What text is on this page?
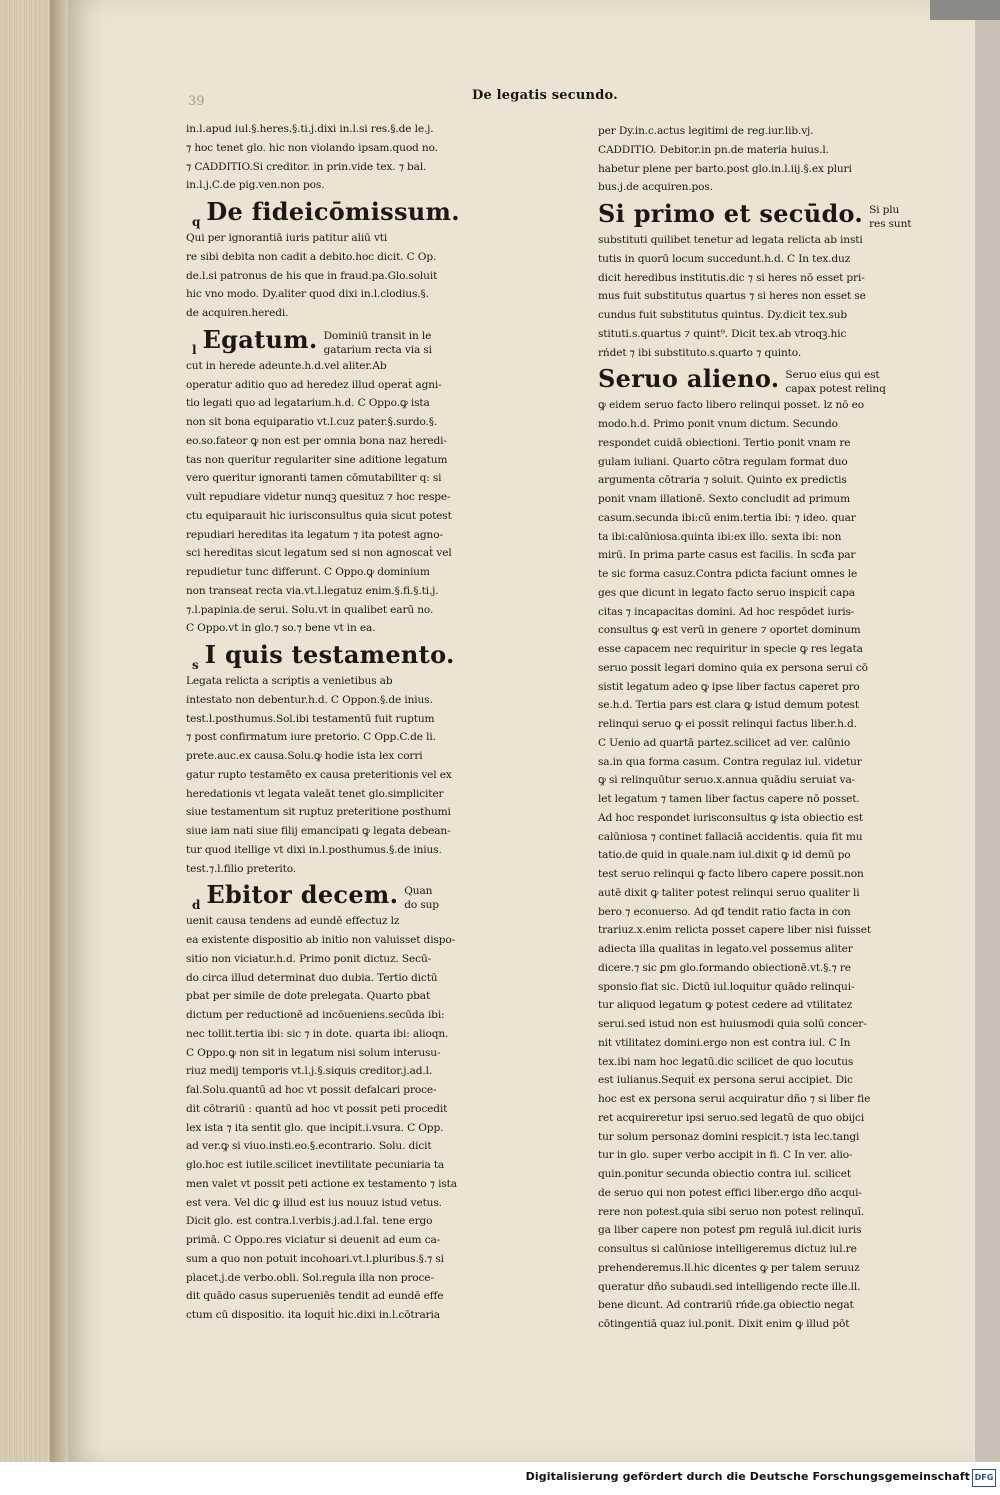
39	De legatis secundo.
in.l.apud iul.§.heres.§.ti.j.dixi in.l.si res.§.de le.j.
⁊ hoc tenet glo. hic non violando ipsam.quod no.
⁊ CADDITIO.Si creditor. in prin.vide tex. ⁊ bal.
in.l.j.C.de pig.ven.non pos.
q De fideicōmissum.
Qui per ignorantiā iuris patitur aliū vti
re sibi debita non cadit a debito.hoc dicit. C Op.
de.l.si patronus de his que in fraud.pa.Glo.soluit
hic vno modo. Dy.aliter quod dixi in.l.clodius.§.
de acquiren.heredi.
l Egatum. Dominiū transit in le
gatarium recta via si
cut in herede adeunte.h.d.vel aliter.Ab
operatur aditio quo ad heredez illud operaṫ agni-
tio legati quo ad legatarium.h.d. C Oppo.ꝙ ista
non sit bona equiparatio vt.l.cuz pater.§.surdo.§.
eo.so.fateor ꝙ non est per omnia bona naz heredi-
tas non queritur regulariter sine aditione legatum
vero queritur ignoranti tamen cōmutabiliter q: si
vult repudiare videtur nunqꝫ quesituz ⁊ hoc respe-
ctu equiparauit hic iurisconsultus quia sicut potest
repudiari hereditas ita legatum ⁊ ita potest agno-
sci hereditas sicut legatum sed si non agnoscaṫ vel
repudietur tunc differunt. C Oppo.ꝙ dominium
non transeat recta via.vt.l.legatuz enim.§.fi.§.ti.j.
⁊.l.papinia.de serui. Solu.vt in qualibet earū no.
C Oppo.vt in glo.⁊ so.⁊ bene vt in ea.
s I quis testamento.
Legata relicta a scriptis a venietibus ab
intestato non debentur.h.d. C Oppon.§.de inius.
test.l.posthumus.Sol.ibi testamentū fuit ruptum
⁊ post confirmatum iure pretorio. C Opp.C.de li.
prete.auc.ex causa.Solu.ꝙ hodie ista lex corri
gatur rupto testamēto ex causa preteritionis vel ex
heredationis vt legata valeāt tenet glo.simpliciter
siue testamentum sit ruptuz preteritione posthumi
siue iam nati siue filij emancipati ꝙ legata debean-
tur quod itellige vt dixi in.l.posthumus.§.de inius.
test.⁊.l.filio preterito.
d Ebitor decem. Quan
do sup
uenit causa tendens ad eundē effectuz lz
ea existente dispositio ab initio non valuisset dispo-
sitio non viciatur.h.d. Primo ponit dictuz. Secū-
do circa illud determinat duo dubia. Tertio dictū
pbat per simile de dote prelegata. Quarto pbat
dictum per reductionē ad incōueniens.secūda ibi:
nec tollit.tertia ibi: sic ⁊ in dote. quarta ibi: alioqn.
C Oppo.ꝙ non sit in legatum nisi solum interusu-
riuz medij temporis vt.l.j.§.siquis creditor.j.ad.l.
fal.Solu.quantū ad hoc vt possit defalcari proce-
dit cōtrariū : quantū ad hoc vt possit peti procedit
lex ista ⁊ ita sentit glo. que incipit.i.vsura. C Opp.
ad ver.ꝙ si viuo.insti.eo.§.econtrario. Solu. dicit
glo.hoc est iutile.scilicet inevtilitate pecuniaria ta
men valet vt possit peti actione ex testamento ⁊ ista
est vera. Vel dic ꝙ illud est ius nouuz istud vetus.
Dicit glo. est contra.l.verbis.j.ad.l.fal. tene ergo
primā. C Oppo.res viciatur si deuenit ad eum ca-
sum a quo non potuit incohoari.vt.l.pluribus.§.⁊ si
placet.j.de verbo.obli. Sol.regula illa non proce-
dit quādo casus superueniēs tendit ad eundē effe
ctum cū dispositio. ita loquiṫ hic.dixi in.l.cōtraria
per Dy.in.c.actus legitimi de reg.iur.lib.vj.
CADDITIO. Debitor.in pn.de materia huius.l.
habetur plene per barto.post glo.in.l.iij.§.ex pluri
bus.j.de acquiren.pos.
Si primo et secūdo. Si plu
res sunt
substituti quilibet tenetur ad legata relicta ab insti
tutis in quorū locum succedunt.h.d. C In tex.duz
dicit heredibus institutis.dic ⁊ si heres nō esset pri-
mus fuit substitutus quartus ⁊ si heres non esset se
cundus fuit substitutus quintus. Dy.dicit tex.sub
stituti.s.quartus ⁊ quint⁹. Dicit tex.ab vtroqꝫ.hic
rńdet ⁊ ibi substituto.s.quarto ⁊ quinto.
Seruo alieno. Seruo eius qui est
capax potest relinq
ꝙ eidem seruo facto libero relinqui posset. lz nō eo
modo.h.d. Primo ponit vnum dictum. Secundo
respondet cuidā obiectioni. Tertio ponit vnam re
gulam iuliani. Quarto cōtra regulam format duo
argumenta cōtraria ⁊ soluit. Quinto ex predictis
ponit vnam illationē. Sexto concludit ad primum
casum.secunda ibi:cū enim.tertia ibi: ⁊ ideo. quar
ta ibi:calūniosa.quinta ibi:ex illo. sexta ibi: non
mirū. In prima parte casus est facilis. In scđa par
te sic forma casuz.Contra pdicta faciunt omnes le
ges que dicunt in legato facto seruo inspiciṫ capa
citas ⁊ incapacitas domini. Ad hoc respōdet iuris-
consultus ꝙ est verū in genere ⁊ oportet dominum
esse capacem nec requiritur in specie ꝙ res legata
seruo possit legari domino quia ex persona serui cō
sistit legatum adeo ꝙ ipse liber factus caperet pro
se.h.d. Tertia pars est clara ꝙ istud demum potest
relinqui seruo ꝙ ei possit relinqui factus liber.h.d.
C Uenio ad quartā partez.scilicet ad ver. calūnio
sa.in qua forma casum. Contra regulaz iul. videtur
ꝙ si relinquūtur seruo.x.annua quādiu seruiat va-
let legatum ⁊ tamen liber factus capere nō posset.
Ad hoc respondet iurisconsultus ꝙ ista obiectio est
calūniosa ⁊ continet fallaciā accidentis. quia fit mu
tatio.de quid in quale.nam iul.dixit ꝙ id demū po
test seruo relinqui ꝙ facto libero capere possit.non
autē dixit ꝙ taliter potest relinqui seruo qualiter li
bero ⁊ econuerso. Ad qđ tendit ratio facta in con
trariuz.x.enim relicta posset capere liber nisi fuisset
adiecta illa qualitas in legato.vel possemus aliter
dicere.⁊ sic ꝑm glo.formando obiectionē.vt.§.⁊ re
sponsio fiat sic. Dictū iul.loquitur quādo relinqui-
tur aliquod legatum ꝙ potest cedere ad vtilitatez
serui.sed istud non est huiusmodi quia solū concer-
nit vtilitatez domini.ergo non est contra iul. C In
tex.ibi nam hoc legatū.dic scilicet de quo locutus
est iulianus.Sequiṫ ex persona serui accipiet. Dic
hoc est ex persona serui acquiratur dño ⁊ si liber fie
ret acquireretur ipsi seruo.sed legatū de quo obijci
tur solum personaz domini respicit.⁊ ista lec.tangi
tur in glo. super verbo accipit in fi. C In ver. alio-
quin.ponitur secunda obiectio contra iul. scilicet
de seruo qui non potest effici liber.ergo dño acqui-
rere non potest.quia sibi seruo non potest relinquī.
ga liber capere non potest ꝑm regulā iul.dicit iuris
consultus si calūniose intelligeremus dictuz iul.re
prehenderemus.ll.hic dicentes ꝙ per talem seruuz
queratur dño subaudi.sed intelligendo recte ille.ll.
bene dicunt. Ad contrariū rńde.ga obiectio negat
cōtingentiā quaz iul.ponit. Dixit enim ꝙ illud pōt
Digitalisierung gefördert durch die Deutsche Forschungsgemeinschaft DFG
